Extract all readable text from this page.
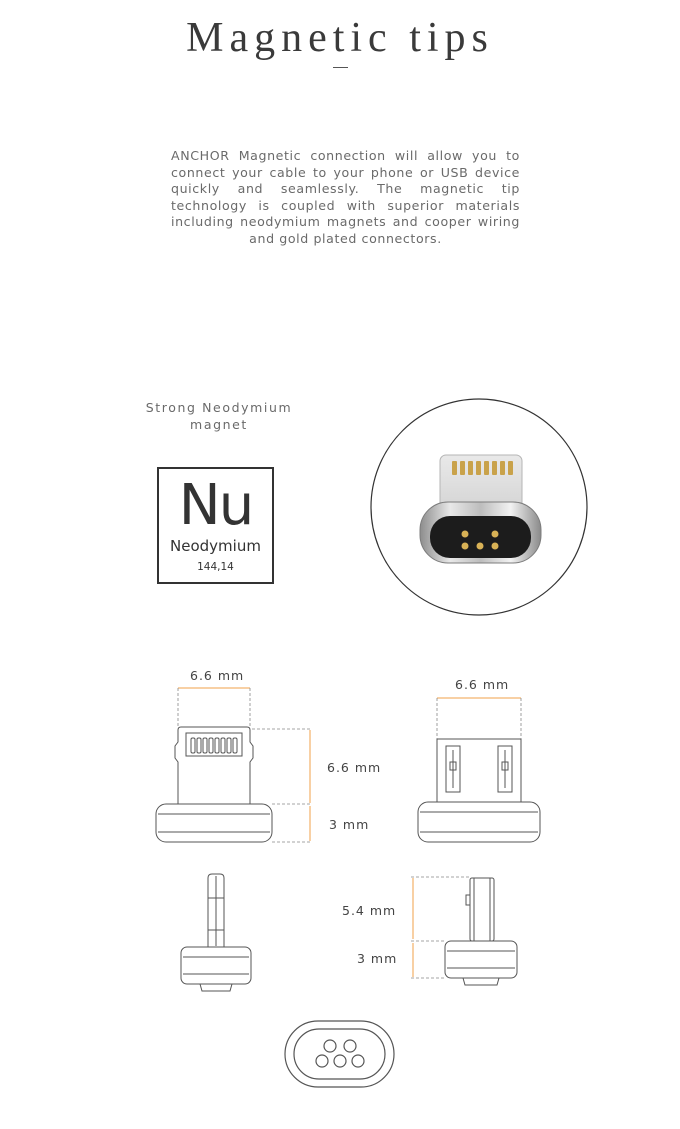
Magnetic tips

ANCHOR Magnetic connection will allow you to connect your cable to your phone or USB device quickly and seamlessly. The magnetic tip technology is coupled with superior materials including neodymium magnets and cooper wiring and gold plated connectors.

Strong Neodymium magnet
Nu
Neodymium
144,14
6.6 mm
6.6 mm
3 mm
6.6 mm
5.4 mm
3 mm
